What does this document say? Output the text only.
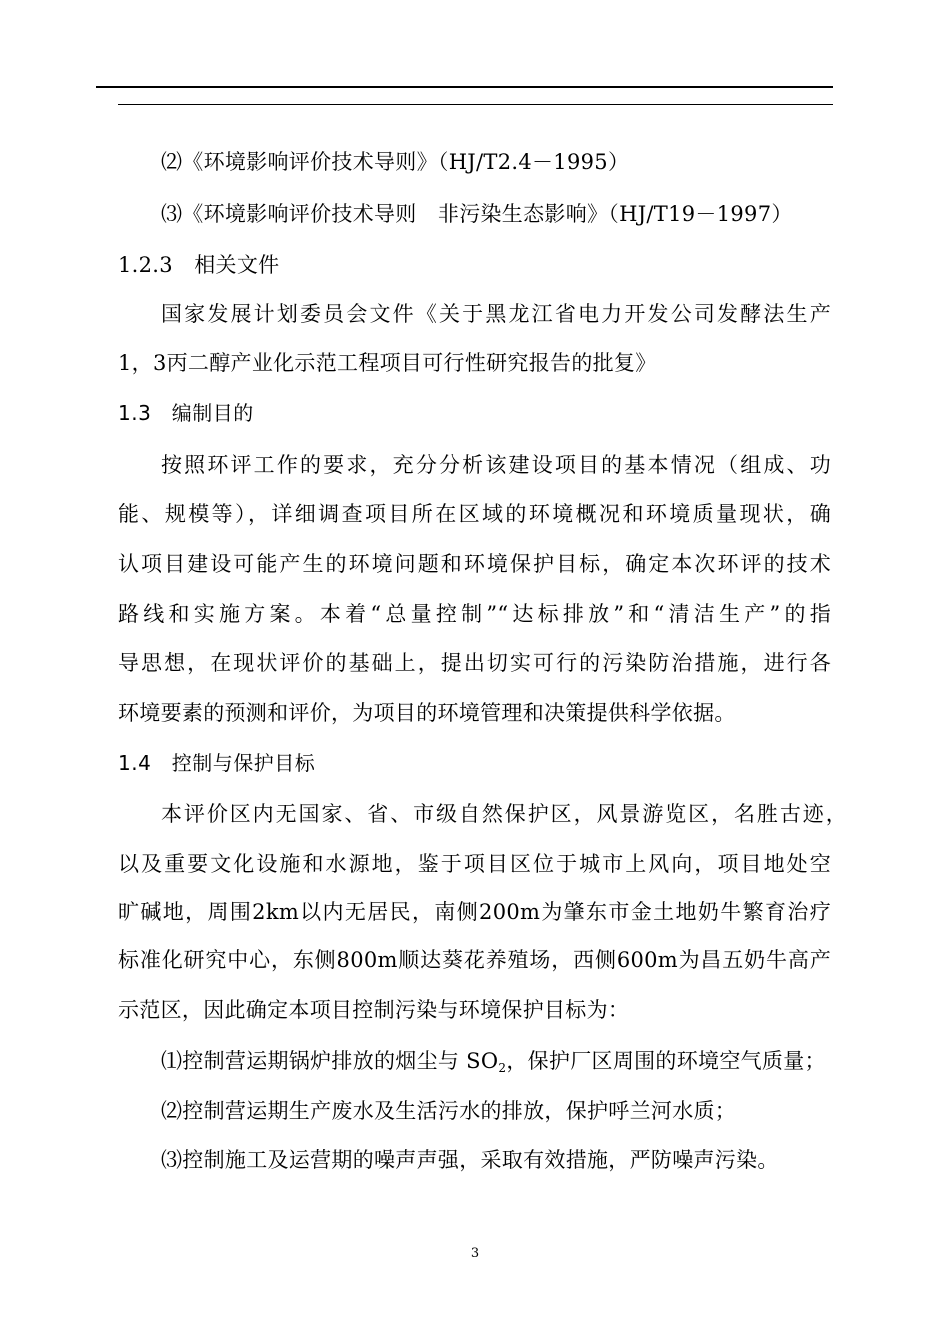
⑵《环境影响评价技术导则》（HJ/T2.4－1995）
⑶《环境影响评价技术导则　非污染生态影响》（HJ/T19－1997）
1.2.3　相关文件
国家发展计划委员会文件《关于黑龙江省电力开发公司发酵法生产
1，3丙二醇产业化示范工程项目可行性研究报告的批复》
1.3　编制目的
按照环评工作的要求，充分分析该建设项目的基本情况（组成、功
能、规模等），详细调查项目所在区域的环境概况和环境质量现状，确
认项目建设可能产生的环境问题和环境保护目标，确定本次环评的技术
路线和实施方案。本着“总量控制”“达标排放”和“清洁生产”的指
导思想，在现状评价的基础上，提出切实可行的污染防治措施，进行各
环境要素的预测和评价，为项目的环境管理和决策提供科学依据。
1.4　控制与保护目标
本评价区内无国家、省、市级自然保护区，风景游览区，名胜古迹，
以及重要文化设施和水源地，鉴于项目区位于城市上风向，项目地处空
旷碱地，周围2km以内无居民，南侧200m为肇东市金土地奶牛繁育治疗
标准化研究中心，东侧800m顺达葵花养殖场，西侧600m为昌五奶牛高产
示范区，因此确定本项目控制污染与环境保护目标为：
⑴控制营运期锅炉排放的烟尘与 $SO_2$，保护厂区周围的环境空气质量；
⑵控制营运期生产废水及生活污水的排放，保护呼兰河水质；
⑶控制施工及运营期的噪声声强，采取有效措施，严防噪声污染。
3
